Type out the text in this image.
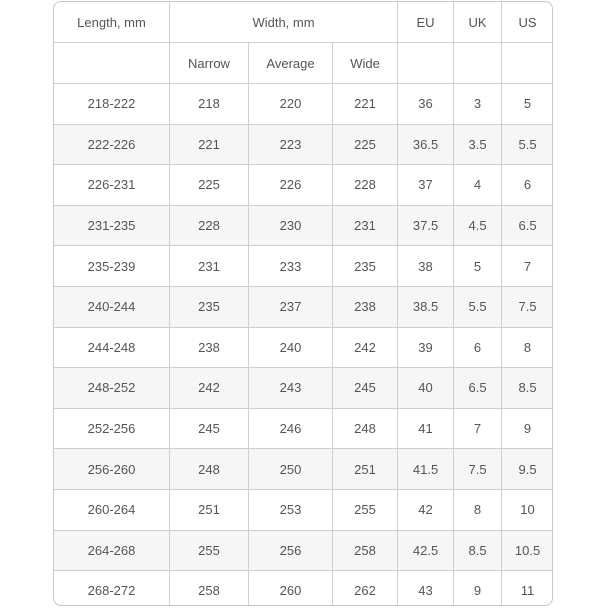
Length, mm	Width, mm			EU	UK	US
	Narrow	Average	Wide			
218-222	218	220	221	36	3	5
222-226	221	223	225	36.5	3.5	5.5
226-231	225	226	228	37	4	6
231-235	228	230	231	37.5	4.5	6.5
235-239	231	233	235	38	5	7
240-244	235	237	238	38.5	5.5	7.5
244-248	238	240	242	39	6	8
248-252	242	243	245	40	6.5	8.5
252-256	245	246	248	41	7	9
256-260	248	250	251	41.5	7.5	9.5
260-264	251	253	255	42	8	10
264-268	255	256	258	42.5	8.5	10.5
268-272	258	260	262	43	9	11
